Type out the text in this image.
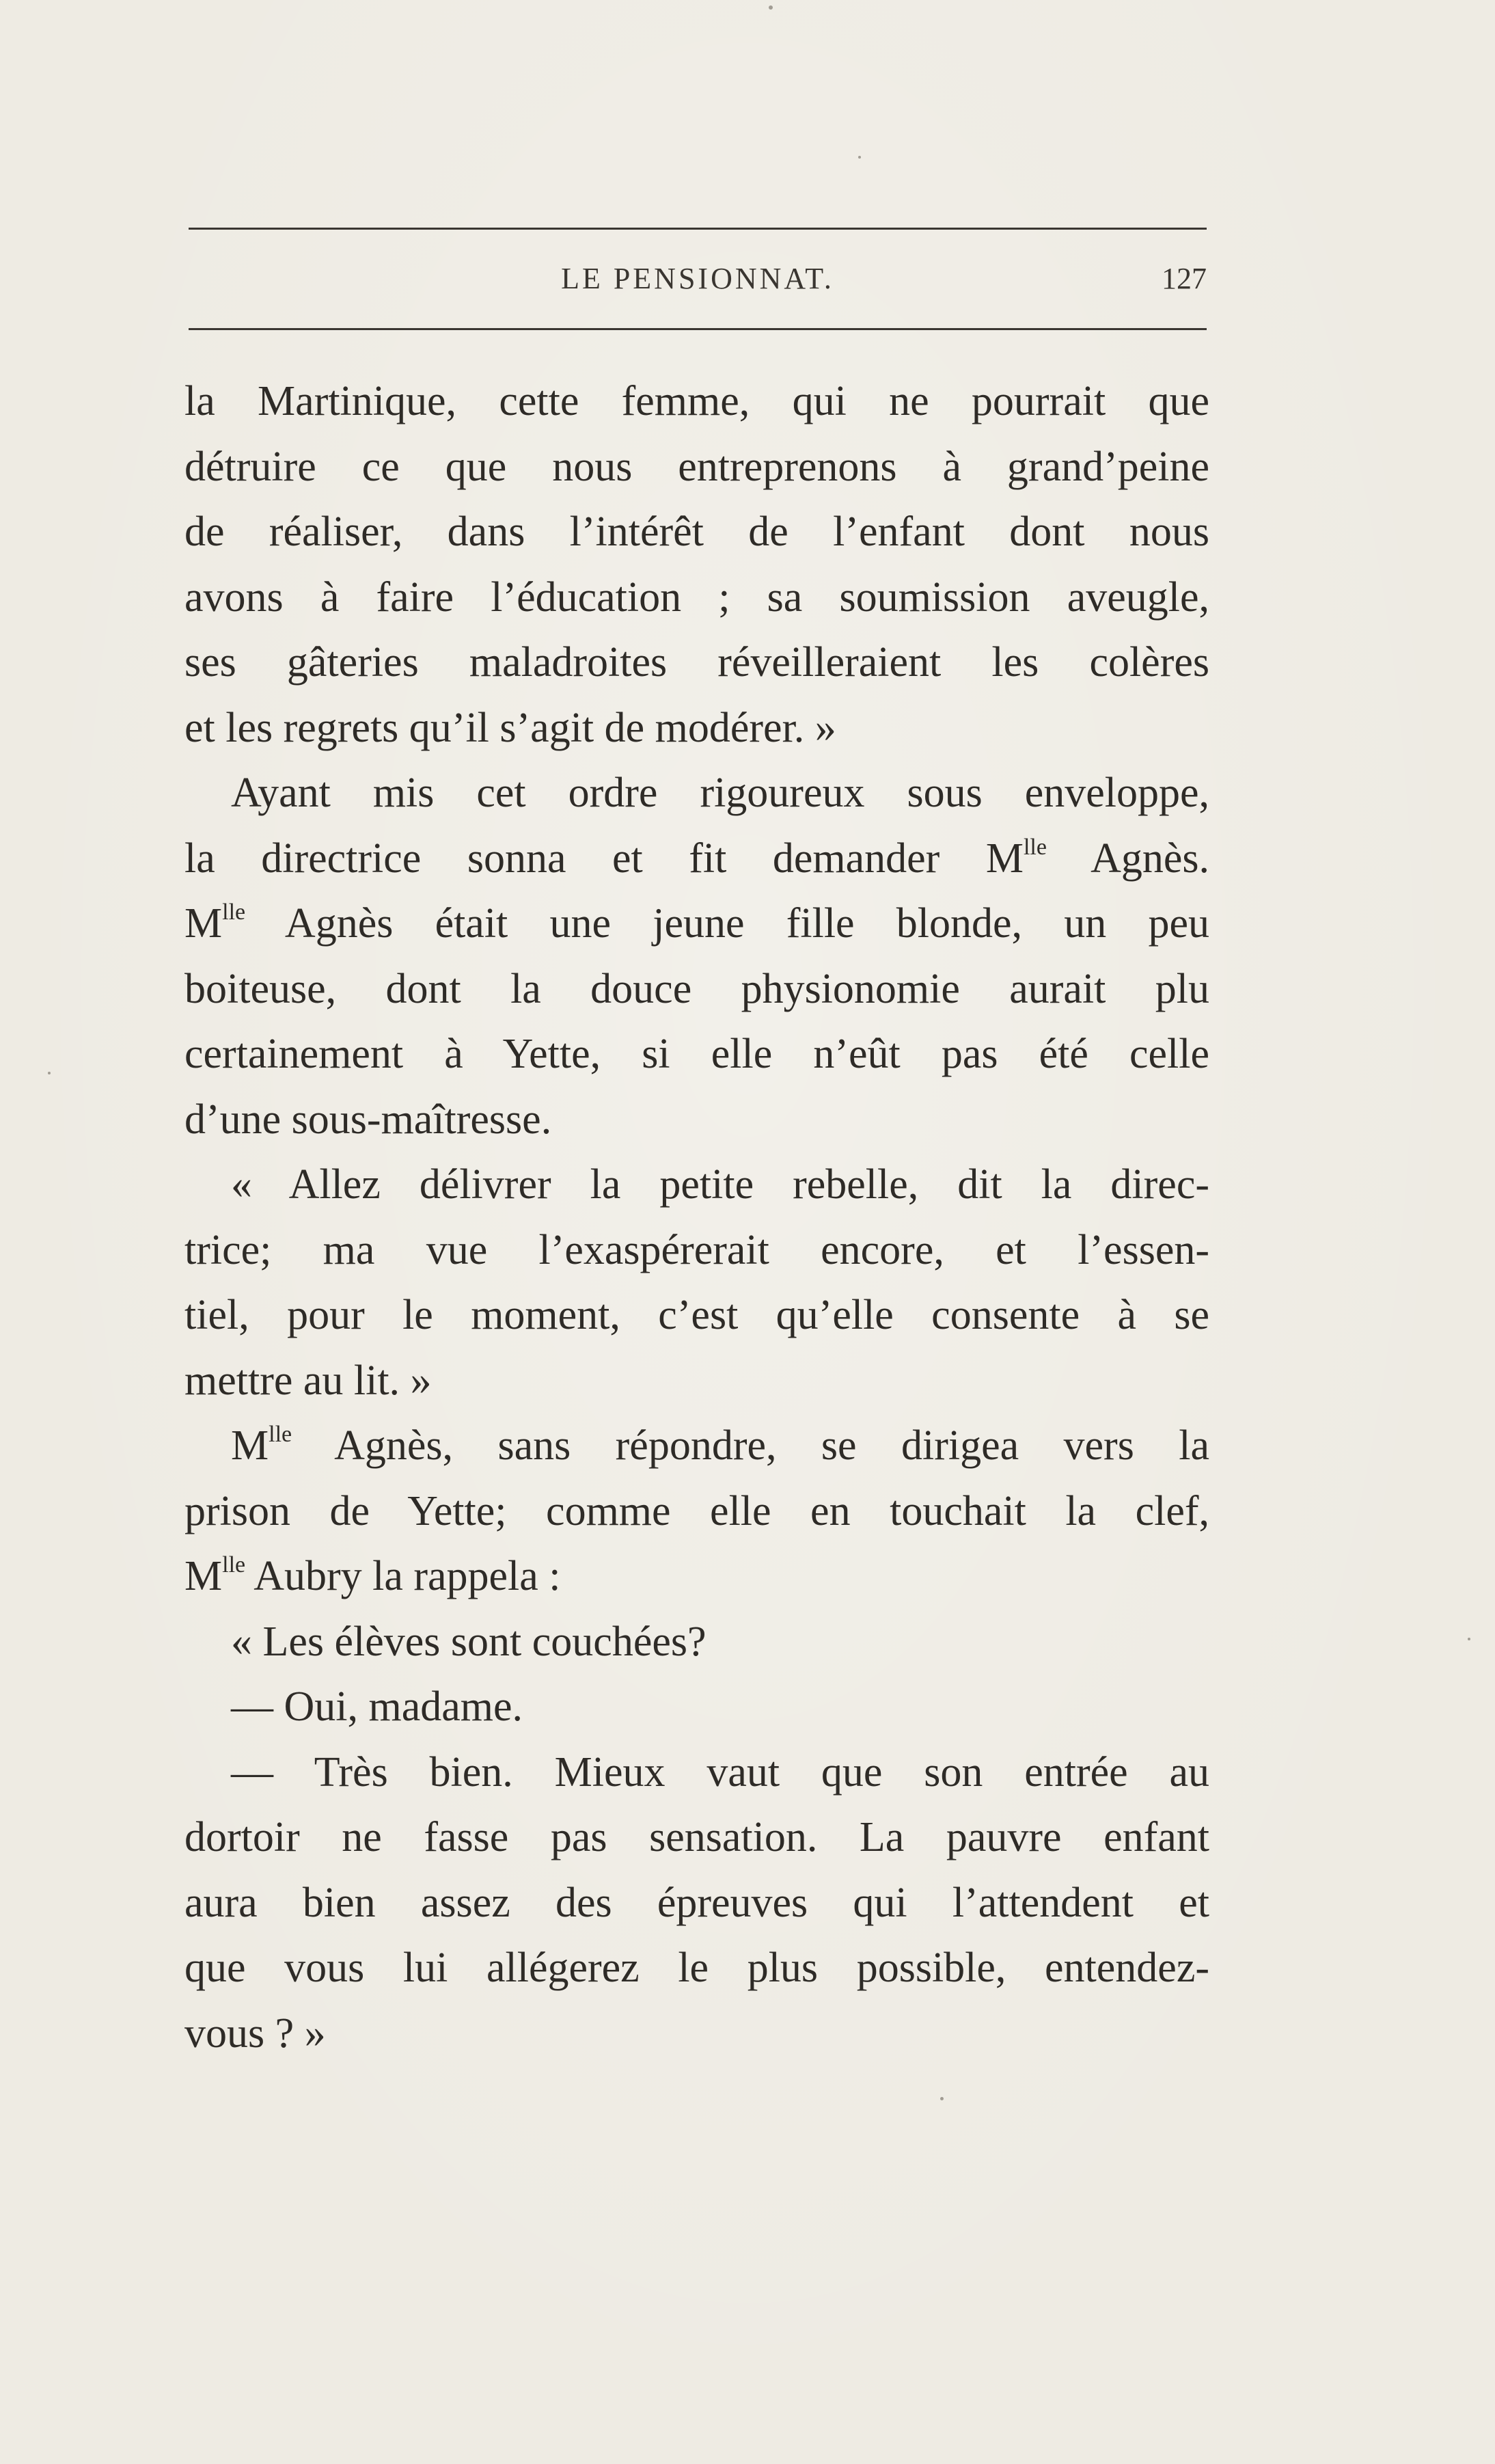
LE PENSIONNAT.	127
la Martinique, cette femme, qui ne pourrait que
détruire ce que nous entreprenons à grand’peine
de réaliser, dans l’intérêt de l’enfant dont nous
avons à faire l’éducation ; sa soumission aveugle,
ses gâteries maladroites réveilleraient les colères
et les regrets qu’il s’agit de modérer. »
Ayant mis cet ordre rigoureux sous enveloppe,
la directrice sonna et fit demander $M^{lle}$ Agnès.
$M^{lle}$ Agnès était une jeune fille blonde, un peu
boiteuse, dont la douce physionomie aurait plu
certainement à Yette, si elle n’eût pas été celle
d’une sous-maîtresse.
« Allez délivrer la petite rebelle, dit la direc-
trice; ma vue l’exaspérerait encore, et l’essen-
tiel, pour le moment, c’est qu’elle consente à se
mettre au lit. »
$M^{lle}$ Agnès, sans répondre, se dirigea vers la
prison de Yette; comme elle en touchait la clef,
$M^{lle}$ Aubry la rappela :
« Les élèves sont couchées?
— Oui, madame.
— Très bien. Mieux vaut que son entrée au
dortoir ne fasse pas sensation. La pauvre enfant
aura bien assez des épreuves qui l’attendent et
que vous lui allégerez le plus possible, entendez-
vous ? »
